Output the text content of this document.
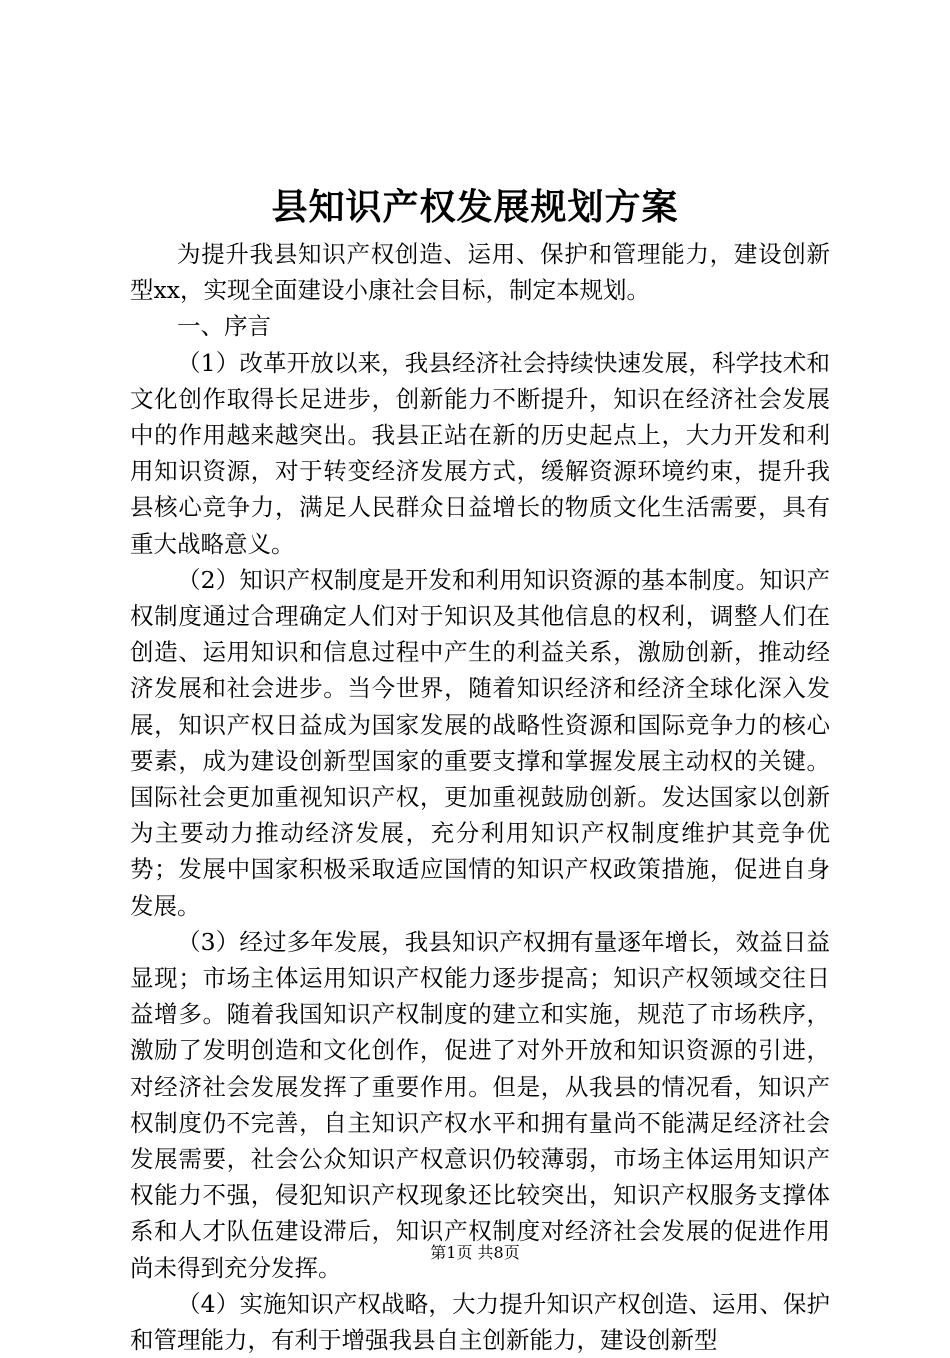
县知识产权发展规划方案

为提升我县知识产权创造、运用、保护和管理能力，建设创新型xx，实现全面建设小康社会目标，制定本规划。

一、序言

（1）改革开放以来，我县经济社会持续快速发展，科学技术和文化创作取得长足进步，创新能力不断提升，知识在经济社会发展中的作用越来越突出。我县正站在新的历史起点上，大力开发和利用知识资源，对于转变经济发展方式，缓解资源环境约束，提升我县核心竞争力，满足人民群众日益增长的物质文化生活需要，具有重大战略意义。

（2）知识产权制度是开发和利用知识资源的基本制度。知识产权制度通过合理确定人们对于知识及其他信息的权利，调整人们在创造、运用知识和信息过程中产生的利益关系，激励创新，推动经济发展和社会进步。当今世界，随着知识经济和经济全球化深入发展，知识产权日益成为国家发展的战略性资源和国际竞争力的核心要素，成为建设创新型国家的重要支撑和掌握发展主动权的关键。国际社会更加重视知识产权，更加重视鼓励创新。发达国家以创新为主要动力推动经济发展，充分利用知识产权制度维护其竞争优势；发展中国家积极采取适应国情的知识产权政策措施，促进自身发展。

（3）经过多年发展，我县知识产权拥有量逐年增长，效益日益显现；市场主体运用知识产权能力逐步提高；知识产权领域交往日益增多。随着我国知识产权制度的建立和实施，规范了市场秩序，激励了发明创造和文化创作，促进了对外开放和知识资源的引进，对经济社会发展发挥了重要作用。但是，从我县的情况看，知识产权制度仍不完善，自主知识产权水平和拥有量尚不能满足经济社会发展需要，社会公众知识产权意识仍较薄弱，市场主体运用知识产权能力不强，侵犯知识产权现象还比较突出，知识产权服务支撑体系和人才队伍建设滞后，知识产权制度对经济社会发展的促进作用尚未得到充分发挥。

（4）实施知识产权战略，大力提升知识产权创造、运用、保护和管理能力，有利于增强我县自主创新能力，建设创新型

第1页 共8页
